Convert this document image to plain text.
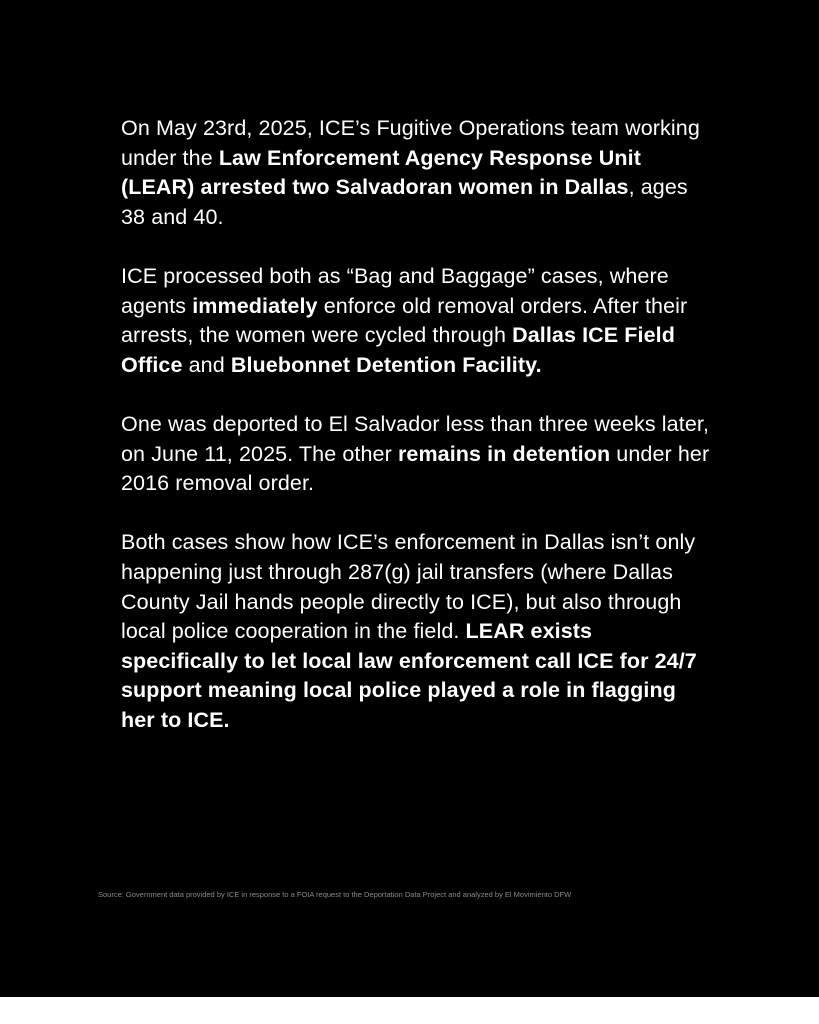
On May 23rd, 2025, ICE’s Fugitive Operations team working under the Law Enforcement Agency Response Unit (LEAR) arrested two Salvadoran women in Dallas, ages 38 and 40.

ICE processed both as “Bag and Baggage” cases, where agents immediately enforce old removal orders. After their arrests, the women were cycled through Dallas ICE Field Office and Bluebonnet Detention Facility.

One was deported to El Salvador less than three weeks later, on June 11, 2025. The other remains in detention under her 2016 removal order.

Both cases show how ICE’s enforcement in Dallas isn’t only happening just through 287(g) jail transfers (where Dallas County Jail hands people directly to ICE), but also through local police cooperation in the field. LEAR exists specifically to let local law enforcement call ICE for 24/7 support meaning local police played a role in flagging her to ICE.

Source: Government data provided by ICE in response to a FOIA request to the Deportation Data Project and analyzed by El Movimiento DFW
